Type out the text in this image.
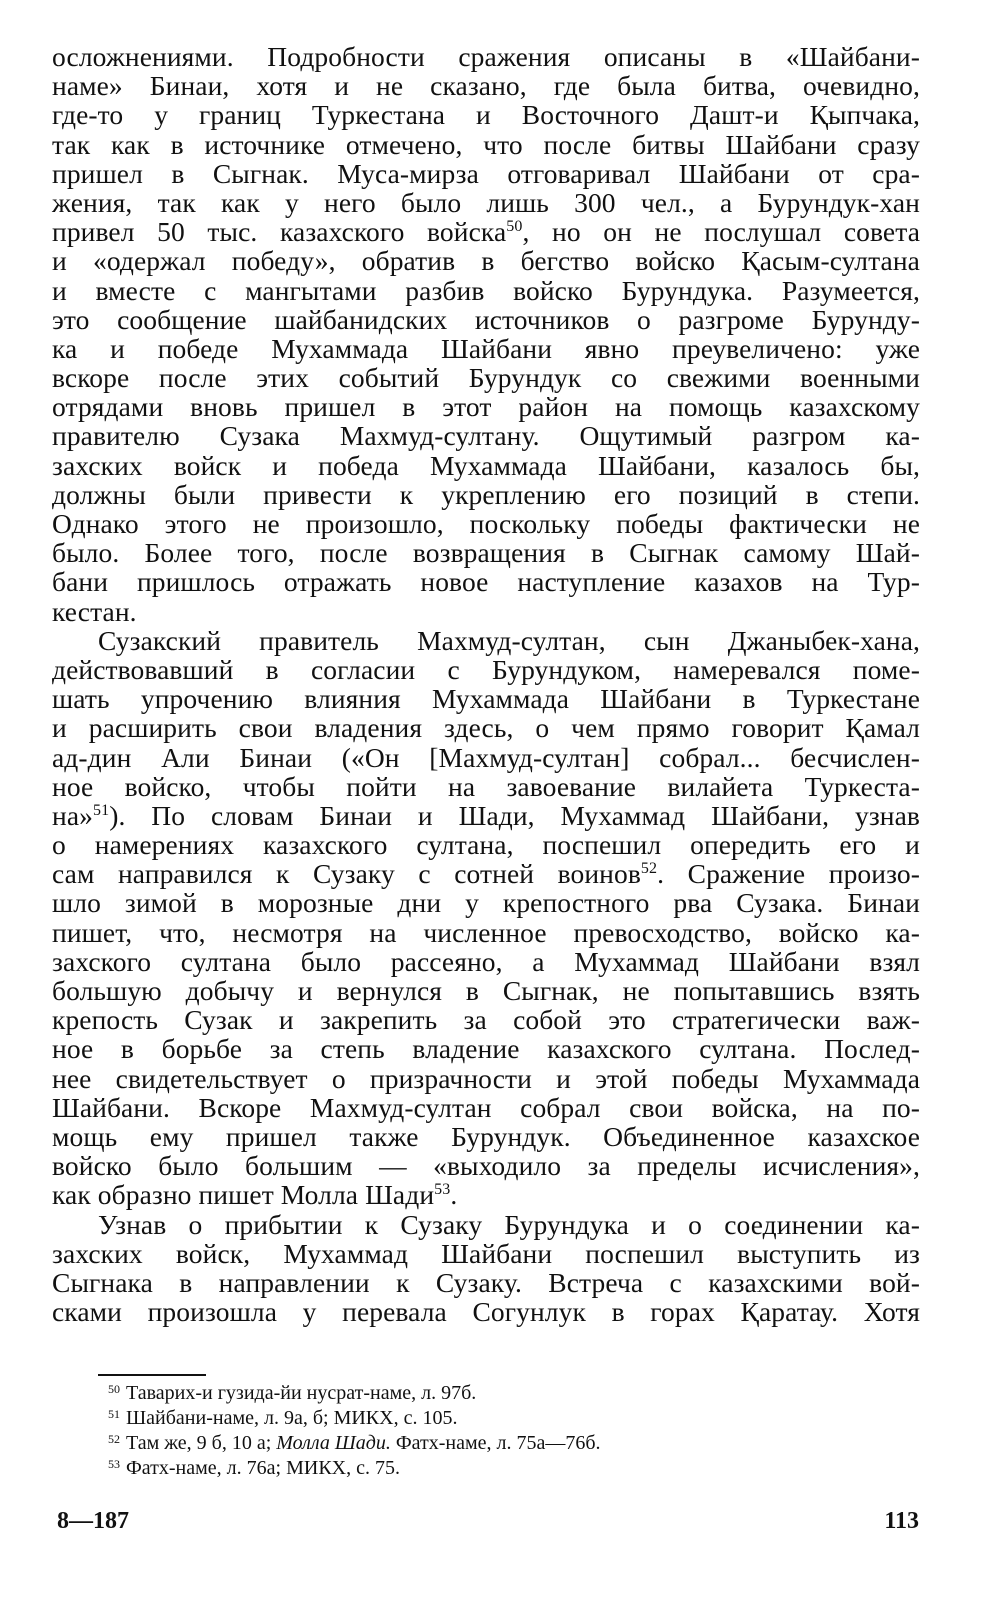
осложнениями. Подробности сражения описаны в «Шайбани-
наме» Бинаи, хотя и не сказано, где была битва, очевидно,
где-то у границ Туркестана и Восточного Дашт-и Қыпчака,
так как в источнике отмечено, что после битвы Шайбани сразу
пришел в Сыгнак. Муса-мирза отговаривал Шайбани от сра-
жения, так как у него было лишь 300 чел., а Бурундук-хан
привел 50 тыс. казахского войска$^{50}$, но он не послушал совета
и «одержал победу», обратив в бегство войско Қасым-султана
и вместе с мангытами разбив войско Бурундука. Разумеется,
это сообщение шайбанидских источников о разгроме Бурунду-
ка и победе Мухаммада Шайбани явно преувеличено: уже
вскоре после этих событий Бурундук со свежими военными
отрядами вновь пришел в этот район на помощь казахскому
правителю Сузака Махмуд-султану. Ощутимый разгром ка-
захских войск и победа Мухаммада Шайбани, казалось бы,
должны были привести к укреплению его позиций в степи.
Однако этого не произошло, поскольку победы фактически не
было. Более того, после возвращения в Сыгнак самому Шай-
бани пришлось отражать новое наступление казахов на Тур-
кестан.
Сузакский правитель Махмуд-султан, сын Джаныбек-хана,
действовавший в согласии с Бурундуком, намеревался поме-
шать упрочению влияния Мухаммада Шайбани в Туркестане
и расширить свои владения здесь, о чем прямо говорит Қамал
ад-дин Али Бинаи («Он [Махмуд-султан] собрал... бесчислен-
ное войско, чтобы пойти на завоевание вилайета Туркеста-
на»$^{51}$). По словам Бинаи и Шади, Мухаммад Шайбани, узнав
о намерениях казахского султана, поспешил опередить его и
сам направился к Сузаку с сотней воинов$^{52}$. Сражение произо-
шло зимой в морозные дни у крепостного рва Сузака. Бинаи
пишет, что, несмотря на численное превосходство, войско ка-
захского султана было рассеяно, а Мухаммад Шайбани взял
большую добычу и вернулся в Сыгнак, не попытавшись взять
крепость Сузак и закрепить за собой это стратегически важ-
ное в борьбе за степь владение казахского султана. Послед-
нее свидетельствует о призрачности и этой победы Мухаммада
Шайбани. Вскоре Махмуд-султан собрал свои войска, на по-
мощь ему пришел также Бурундук. Объединенное казахское
войско было большим — «выходило за пределы исчисления»,
как образно пишет Молла Шади$^{53}$.
Узнав о прибытии к Сузаку Бурундука и о соединении ка-
захских войск, Мухаммад Шайбани поспешил выступить из
Сыгнака в направлении к Сузаку. Встреча с казахскими вой-
сками произошла у перевала Согунлук в горах Қаратау. Хотя
$^{50}$ Таварих-и гузида-йи нусрат-наме, л. 97б.
$^{51}$ Шайбани-наме, л. 9а, б; МИКХ, с. 105.
$^{52}$ Там же, 9 б, 10 а; Молла Шади. Фатх-наме, л. 75а—76б.
$^{53}$ Фатх-наме, л. 76а; МИКХ, с. 75.
8—187	113
